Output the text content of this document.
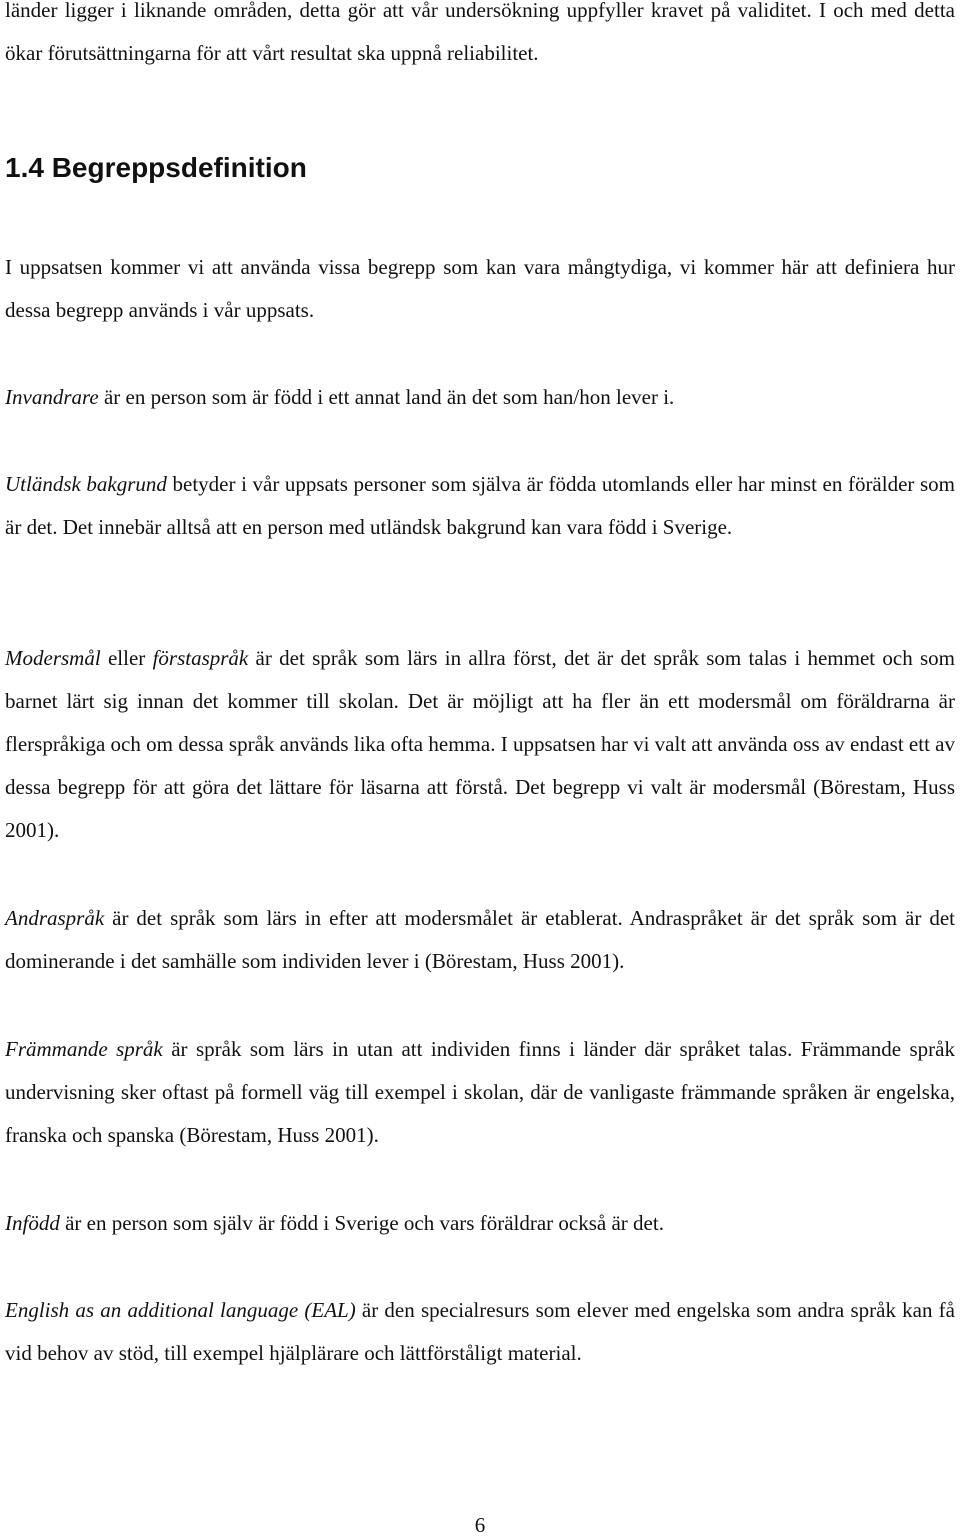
länder ligger i liknande områden, detta gör att vår undersökning uppfyller kravet på validitet. I och med detta ökar förutsättningarna för att vårt resultat ska uppnå reliabilitet.

1.4 Begreppsdefinition

I uppsatsen kommer vi att använda vissa begrepp som kan vara mångtydiga, vi kommer här att definiera hur dessa begrepp används i vår uppsats.

Invandrare är en person som är född i ett annat land än det som han/hon lever i.

Utländsk bakgrund betyder i vår uppsats personer som själva är födda utomlands eller har minst en förälder som är det. Det innebär alltså att en person med utländsk bakgrund kan vara född i Sverige.

Modersmål eller förstaspråk är det språk som lärs in allra först, det är det språk som talas i hemmet och som barnet lärt sig innan det kommer till skolan. Det är möjligt att ha fler än ett modersmål om föräldrarna är flerspråkiga och om dessa språk används lika ofta hemma. I uppsatsen har vi valt att använda oss av endast ett av dessa begrepp för att göra det lättare för läsarna att förstå. Det begrepp vi valt är modersmål (Börestam, Huss 2001).

Andraspråk är det språk som lärs in efter att modersmålet är etablerat. Andraspråket är det språk som är det dominerande i det samhälle som individen lever i (Börestam, Huss 2001).

Främmande språk är språk som lärs in utan att individen finns i länder där språket talas. Främmande språk undervisning sker oftast på formell väg till exempel i skolan, där de vanligaste främmande språken är engelska, franska och spanska (Börestam, Huss 2001).

Infödd är en person som själv är född i Sverige och vars föräldrar också är det.

English as an additional language (EAL) är den specialresurs som elever med engelska som andra språk kan få vid behov av stöd, till exempel hjälplärare och lättförståligt material.

6
